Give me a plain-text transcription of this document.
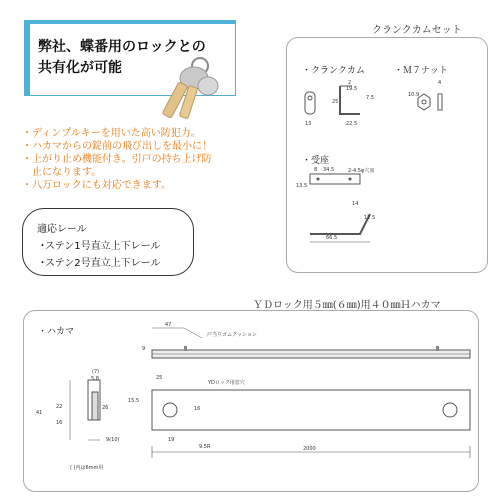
弊社、蝶番用のロックとの
共有化が可能
・ディンプルキーを用いた高い防犯力。
・ハカマからの錠前の飛び出しを最小に！
・上がり止め機能付き。引戸の持ち上げ防
　止になります。
・八万ロックにも対応できます。
適応レール
･ステン1号直立上下レール
･ステン2号直立上下レール
クランクカムセット
・クランクカム	・Ｍ７ナット
・受座
2
19.5
25
7.5
13	22.5
4
10.9
8 34.5	2-4.5φ穴皿
13.5
14
12.5
66.5
ＹＤロック用５㎜(６㎜)用４０㎜Ｈハカマ
・ハカマ	戸当りゴムクッション
YDロック用窓穴
( )内は6mm用
47
9
(7)
5.8
41
22
16
26
9(10)
25
15.5
16
19
9.5R	2000
